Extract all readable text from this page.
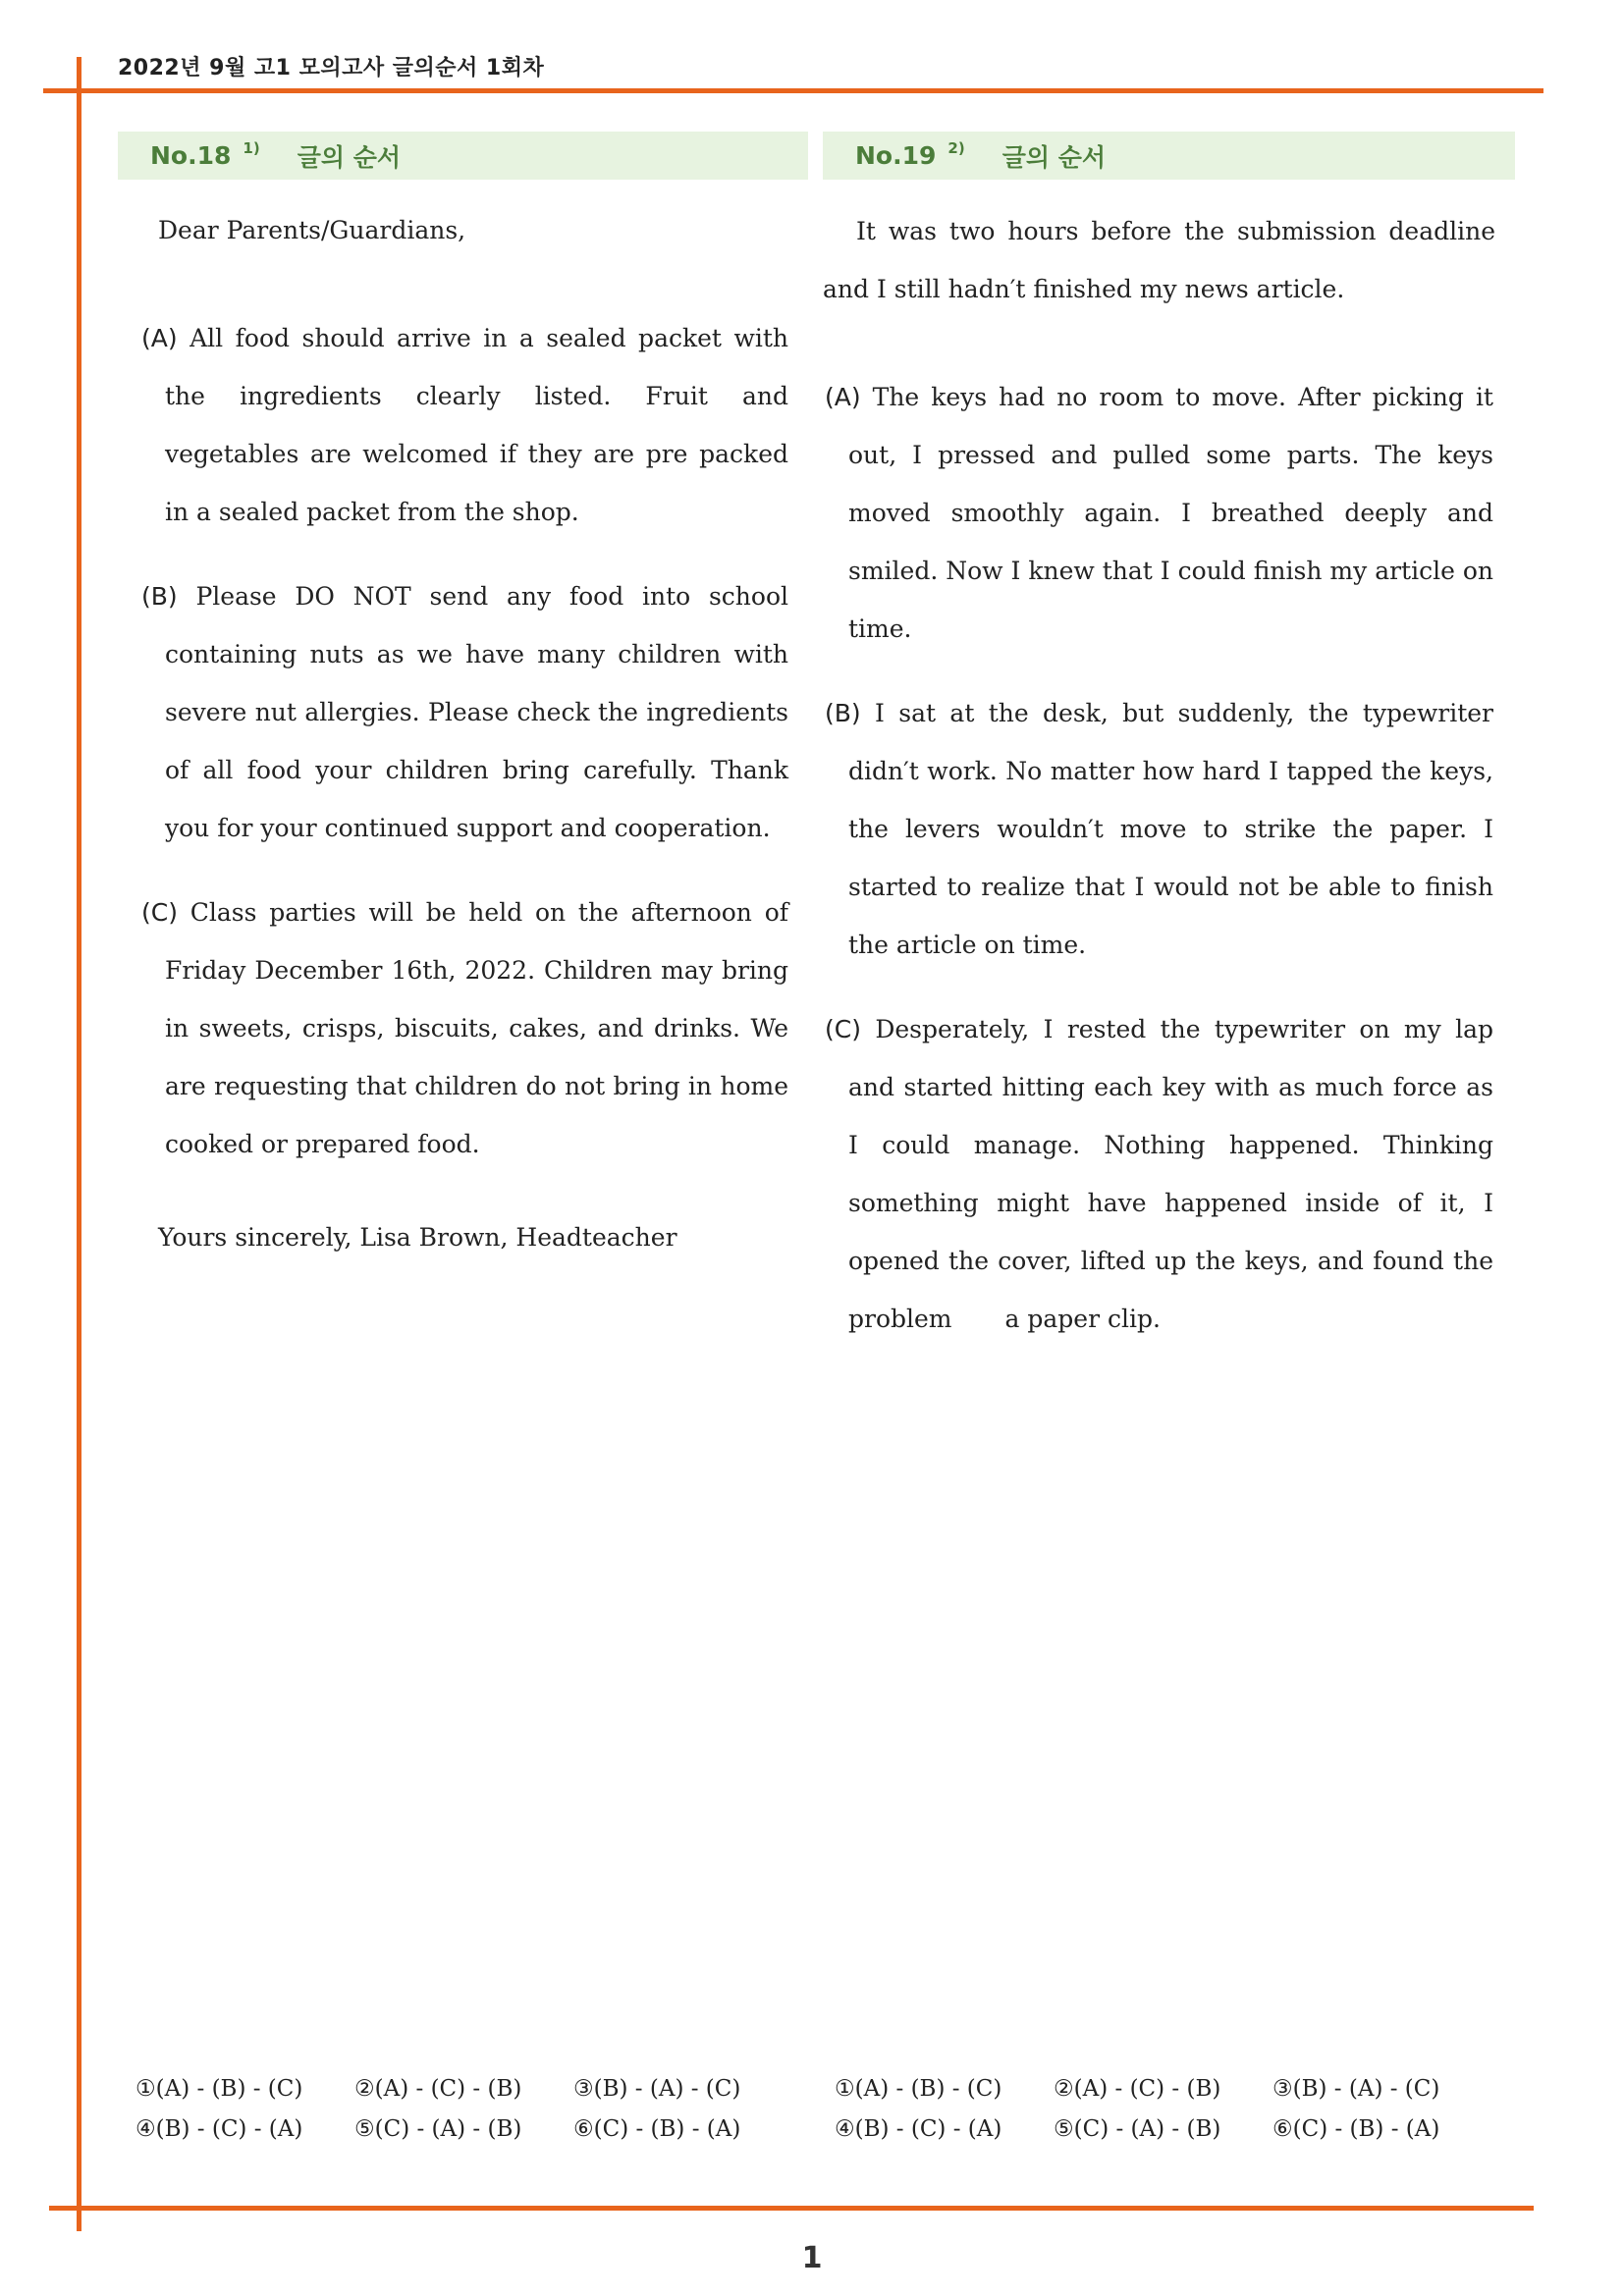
2022년 9월 고1 모의고사 글의순서 1회차
No.18 1) 글의 순서
Dear Parents/Guardians,
(A) All food should arrive in a sealed packet with the ingredients clearly listed. Fruit and vegetables are welcomed if they are pre packed in a sealed packet from the shop.
(B) Please DO NOT send any food into school containing nuts as we have many children with severe nut allergies. Please check the ingredients of all food your children bring carefully. Thank you for your continued support and cooperation.
(C) Class parties will be held on the afternoon of Friday December 16th, 2022. Children may bring in sweets, crisps, biscuits, cakes, and drinks. We are requesting that children do not bring in home cooked or prepared food.
Yours sincerely, Lisa Brown, Headteacher
No.19 2) 글의 순서
It was two hours before the submission deadline and I still hadn′t finished my news article.
(A) The keys had no room to move. After picking it out, I pressed and pulled some parts. The keys moved smoothly again. I breathed deeply and smiled. Now I knew that I could finish my article on time.
(B) I sat at the desk, but suddenly, the typewriter didn′t work. No matter how hard I tapped the keys, the levers wouldn′t move to strike the paper. I started to realize that I would not be able to finish the article on time.
(C) Desperately, I rested the typewriter on my lap and started hitting each key with as much force as I could manage. Nothing happened. Thinking something might have happened inside of it, I opened the cover, lifted up the keys, and found the problem a paper clip.
①(A) - (B) - (C)	②(A) - (C) - (B)	③(B) - (A) - (C)
④(B) - (C) - (A)	⑤(C) - (A) - (B)	⑥(C) - (B) - (A)
①(A) - (B) - (C)	②(A) - (C) - (B)	③(B) - (A) - (C)
④(B) - (C) - (A)	⑤(C) - (A) - (B)	⑥(C) - (B) - (A)
1
